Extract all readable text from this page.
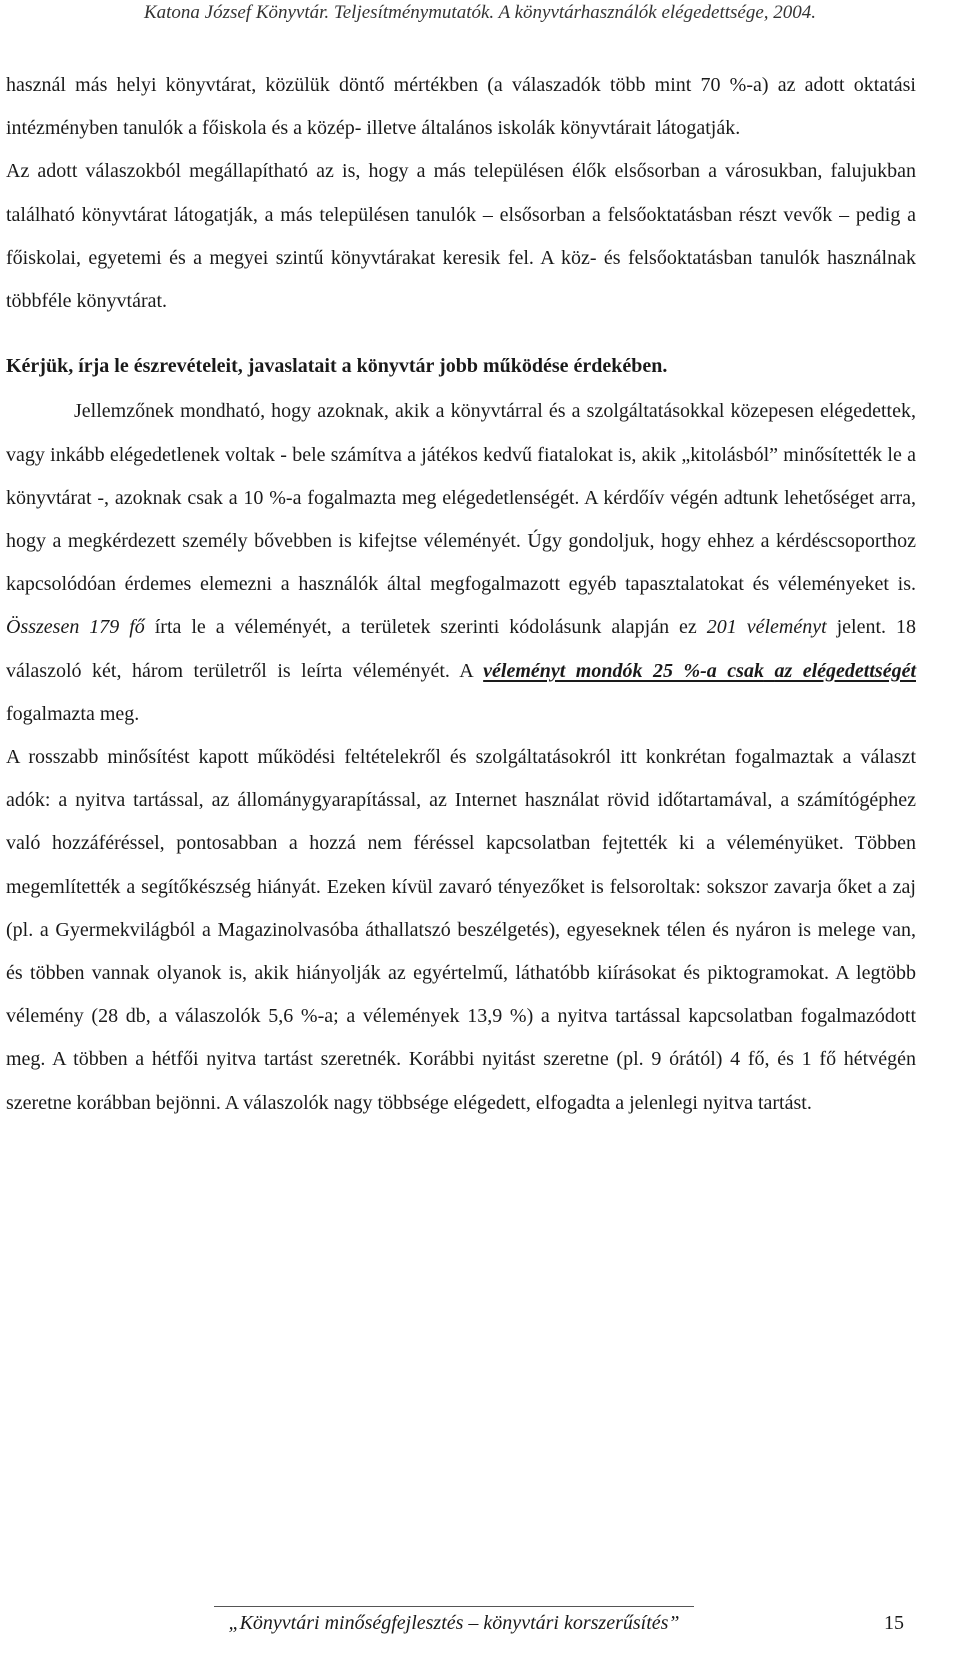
Katona József Könyvtár. Teljesítménymutatók. A könyvtárhasználók elégedettsége, 2004.

használ más helyi könyvtárat, közülük döntő mértékben (a válaszadók több mint 70 %-a) az adott oktatási intézményben tanulók a főiskola és a közép- illetve általános iskolák könyvtárait látogatják.

Az adott válaszokból megállapítható az is, hogy a más településen élők elsősorban a városukban, falujukban található könyvtárat látogatják, a más településen tanulók – elsősorban a felsőoktatásban részt vevők – pedig a főiskolai, egyetemi és a megyei szintű könyvtárakat keresik fel. A köz- és felsőoktatásban tanulók használnak többféle könyvtárat.

Kérjük, írja le észrevételeit, javaslatait a könyvtár jobb működése érdekében.

Jellemzőnek mondható, hogy azoknak, akik a könyvtárral és a szolgáltatásokkal közepesen elégedettek, vagy inkább elégedetlenek voltak - bele számítva a játékos kedvű fiatalokat is, akik „kitolásból” minősítették le a könyvtárat -, azoknak csak a 10 %-a fogalmazta meg elégedetlenségét. A kérdőív végén adtunk lehetőséget arra, hogy a megkérdezett személy bővebben is kifejtse véleményét. Úgy gondoljuk, hogy ehhez a kérdéscsoporthoz kapcsolódóan érdemes elemezni a használók által megfogalmazott egyéb tapasztalatokat és véleményeket is. Összesen 179 fő írta le a véleményét, a területek szerinti kódolásunk alapján ez 201 véleményt jelent. 18 válaszoló két, három területről is leírta véleményét. A véleményt mondók 25 %-a csak az elégedettségét fogalmazta meg.

A rosszabb minősítést kapott működési feltételekről és szolgáltatásokról itt konkrétan fogalmaztak a választ adók: a nyitva tartással, az állománygyarapítással, az Internet használat rövid időtartamával, a számítógéphez való hozzáféréssel, pontosabban a hozzá nem féréssel kapcsolatban fejtették ki a véleményüket. Többen megemlítették a segítőkészség hiányát. Ezeken kívül zavaró tényezőket is felsoroltak: sokszor zavarja őket a zaj (pl. a Gyermekvilágból a Magazinolvasóba áthallatszó beszélgetés), egyeseknek télen és nyáron is melege van, és többen vannak olyanok is, akik hiányolják az egyértelmű, láthatóbb kiírásokat és piktogramokat. A legtöbb vélemény (28 db, a válaszolók 5,6 %-a; a vélemények 13,9 %) a nyitva tartással kapcsolatban fogalmazódott meg. A többen a hétfői nyitva tartást szeretnék. Korábbi nyitást szeretne (pl. 9 órától) 4 fő, és 1 fő hétvégén szeretne korábban bejönni. A válaszolók nagy többsége elégedett, elfogadta a jelenlegi nyitva tartást.

„Könyvtári minőségfejlesztés – könyvtári korszerűsítés”	15
